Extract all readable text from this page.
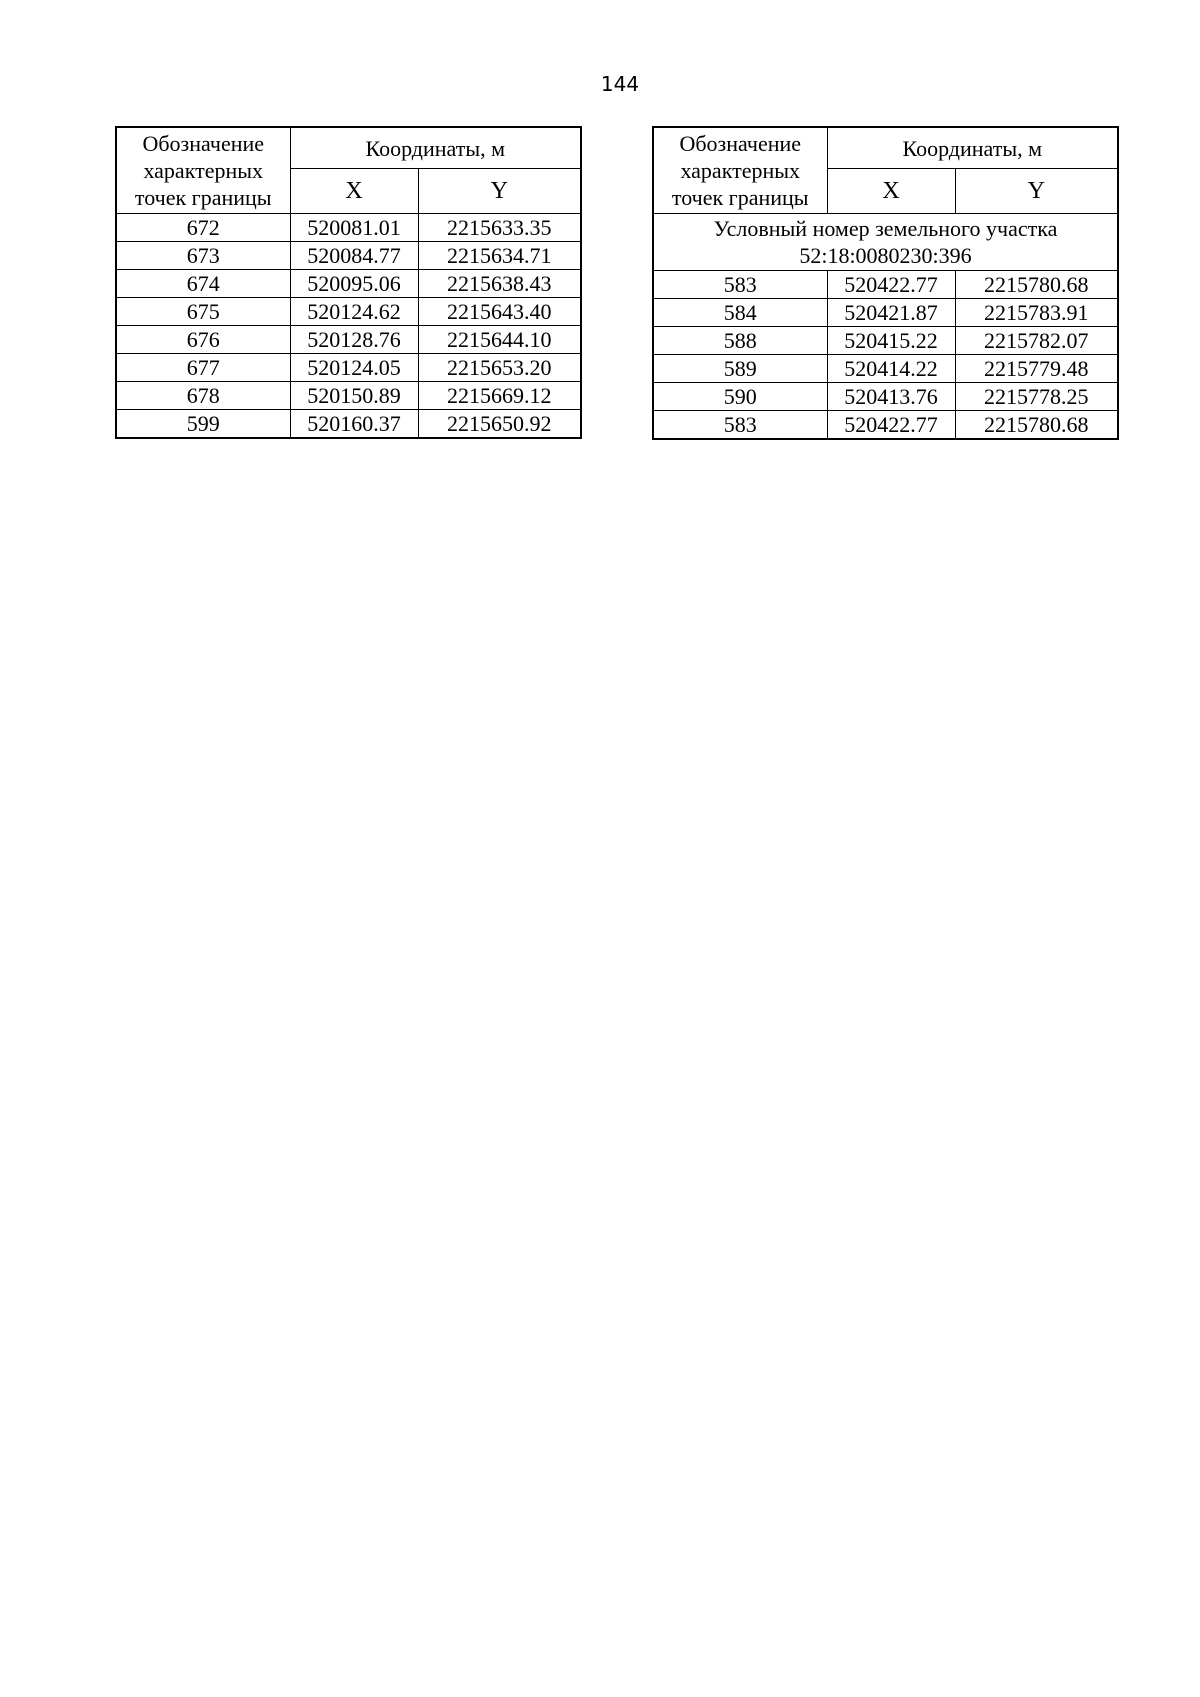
144
Обозначение характерных точек границы	Координаты, м	
	X	Y
672	520081.01	2215633.35
673	520084.77	2215634.71
674	520095.06	2215638.43
675	520124.62	2215643.40
676	520128.76	2215644.10
677	520124.05	2215653.20
678	520150.89	2215669.12
599	520160.37	2215650.92
Обозначение характерных точек границы	Координаты, м	
	X	Y

Условный номер земельного участка
52:18:0080230:396		

583	520422.77	2215780.68
584	520421.87	2215783.91
588	520415.22	2215782.07
589	520414.22	2215779.48
590	520413.76	2215778.25
583	520422.77	2215780.68
